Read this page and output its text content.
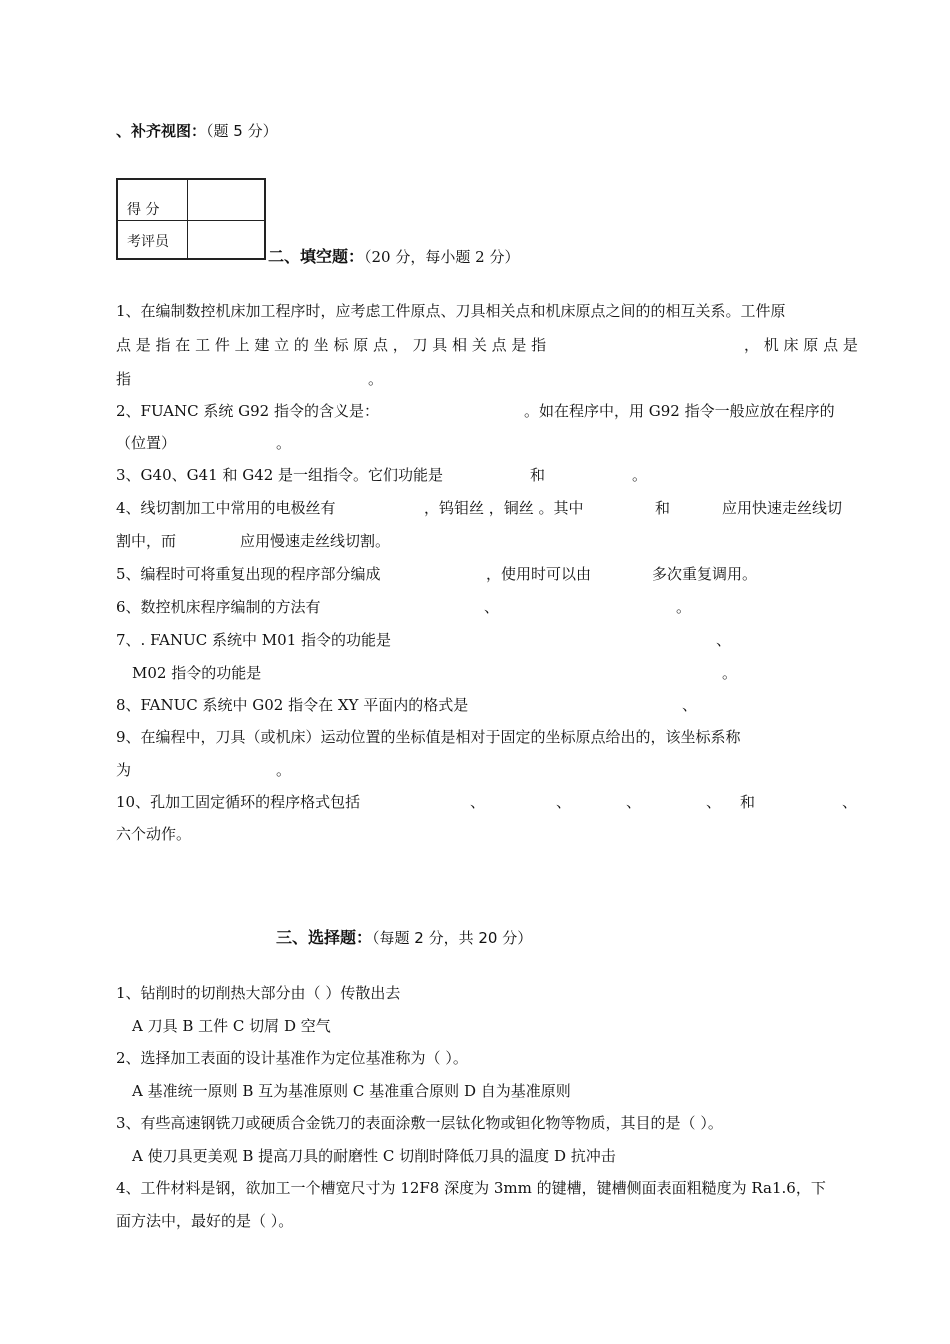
、补齐视图：（题 5 分）
得 分
考评员
二、填空题：（20 分，每小题 2 分）
1、在编制数控机床加工程序时，应考虑工件原点、刀具相关点和机床原点之间的的相互关系。工件原
点 是 指 在 工 件 上 建 立 的 坐 标 原 点 ， 刀 具 相 关 点 是 指	， 机 床 原 点 是
指	。
2、FUANC 系统 G92 指令的含义是：	。如在程序中，用 G92 指令一般应放在程序的
（位置）	。
3、G40、G41 和 G42 是一组指令。它们功能是	和	。
4、线切割加工中常用的电极丝有	，钨钼丝 ，铜丝 。其中	和	应用快速走丝线切
割中，而	应用慢速走丝线切割。
5、编程时可将重复出现的程序部分编成	，使用时可以由	多次重复调用。
6、数控机床程序编制的方法有	、	。
7、. FANUC 系统中 M01 指令的功能是	、
M02 指令的功能是	。
8、FANUC 系统中 G02 指令在 XY 平面内的格式是	、
9、在编程中，刀具（或机床）运动位置的坐标值是相对于固定的坐标原点给出的，该坐标系称
为	。
10、孔加工固定循环的程序格式包括	、	、	、	、 和	、
六个动作。
三、选择题：（每题 2 分，共 20 分）
1、钻削时的切削热大部分由（ ）传散出去
A 刀具 B 工件 C 切屑 D 空气
2、选择加工表面的设计基准作为定位基准称为（ ）。
A 基准统一原则 B 互为基准原则 C 基准重合原则 D 自为基准原则
3、有些高速钢铣刀或硬质合金铣刀的表面涂敷一层钛化物或钽化物等物质，其目的是（ ）。
A 使刀具更美观 B 提高刀具的耐磨性 C 切削时降低刀具的温度 D 抗冲击
4、工件材料是钢，欲加工一个槽宽尺寸为 12F8 深度为 3mm 的键槽，键槽侧面表面粗糙度为 Ra1.6，下
面方法中，最好的是（ ）。
